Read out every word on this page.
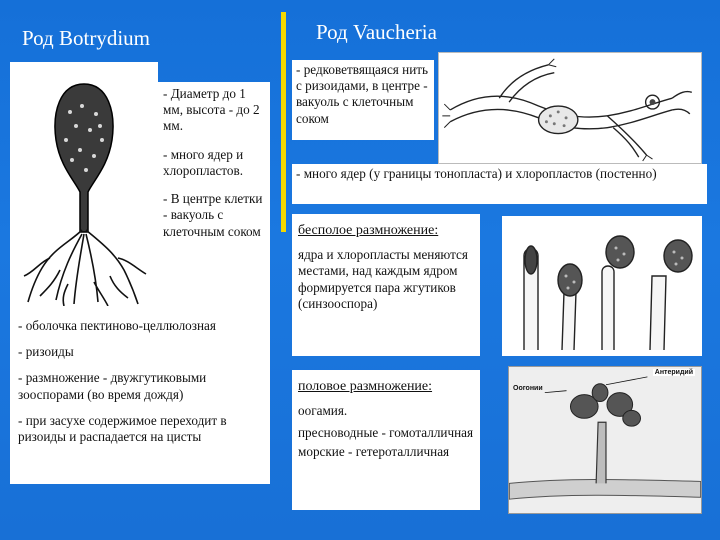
Род Botrydium	Род Vaucheria

- Диаметр до 1 мм, высота - до 2 мм.

- много ядер и хлоропластов.

- В центре клетки - вакуоль с клеточным соком

- оболочка пектиново-целлюлозная

- ризоиды

- размножение - двужгутиковыми зооспорами (во время дождя)

- при засухе содержимое переходит в ризоиды и распадается на цисты

- редковетвящаяся нить с ризоидами, в центре - вакуоль с клеточным соком

- много ядер (у границы тонопласта) и хлоропластов (постенно)

бесполое размножение:

ядра и хлоропласты меняются местами, над каждым ядром формируется пара жгутиков (синзооспора)

половое размножение:

оогамия.

пресноводные - гомоталличная

морские - гетероталличная

Оогонии
Антеридий
